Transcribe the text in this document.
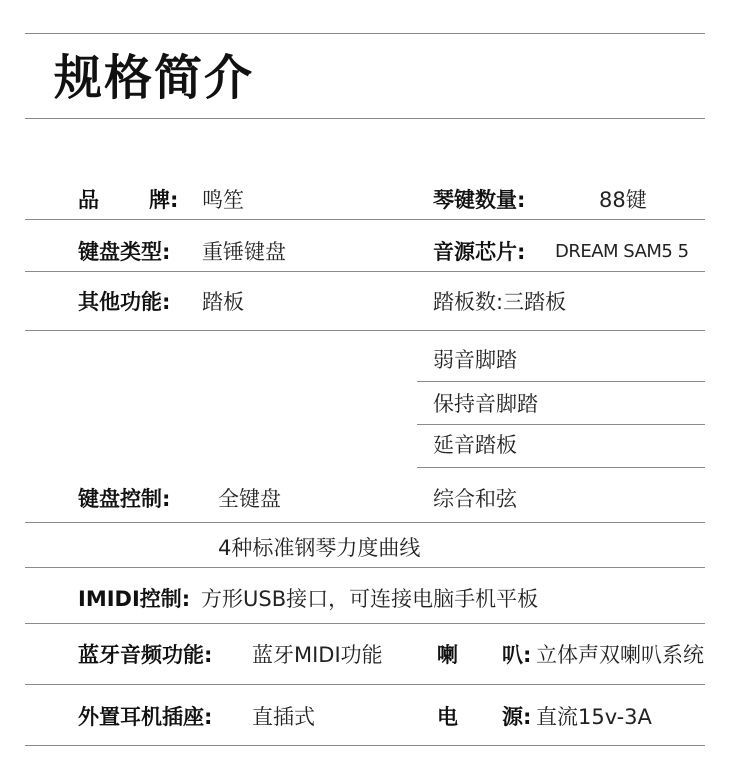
规格简介
品 牌: 鸣笙	琴键数量:	88键
键盘类型: 重锤键盘	音源芯片: DREAM SAM5 5
其他功能: 踏板	踏板数:三踏板
弱音脚踏
保持音脚踏
延音踏板
键盘控制: 全键盘	综合和弦
4种标准钢琴力度曲线
IMIDI控制: 方形USB接口，可连接电脑手机平板
蓝牙音频功能: 蓝牙MIDI功能	喇 叭: 立体声双喇叭系统
外置耳机插座: 直插式	电 源: 直流15v-3A
